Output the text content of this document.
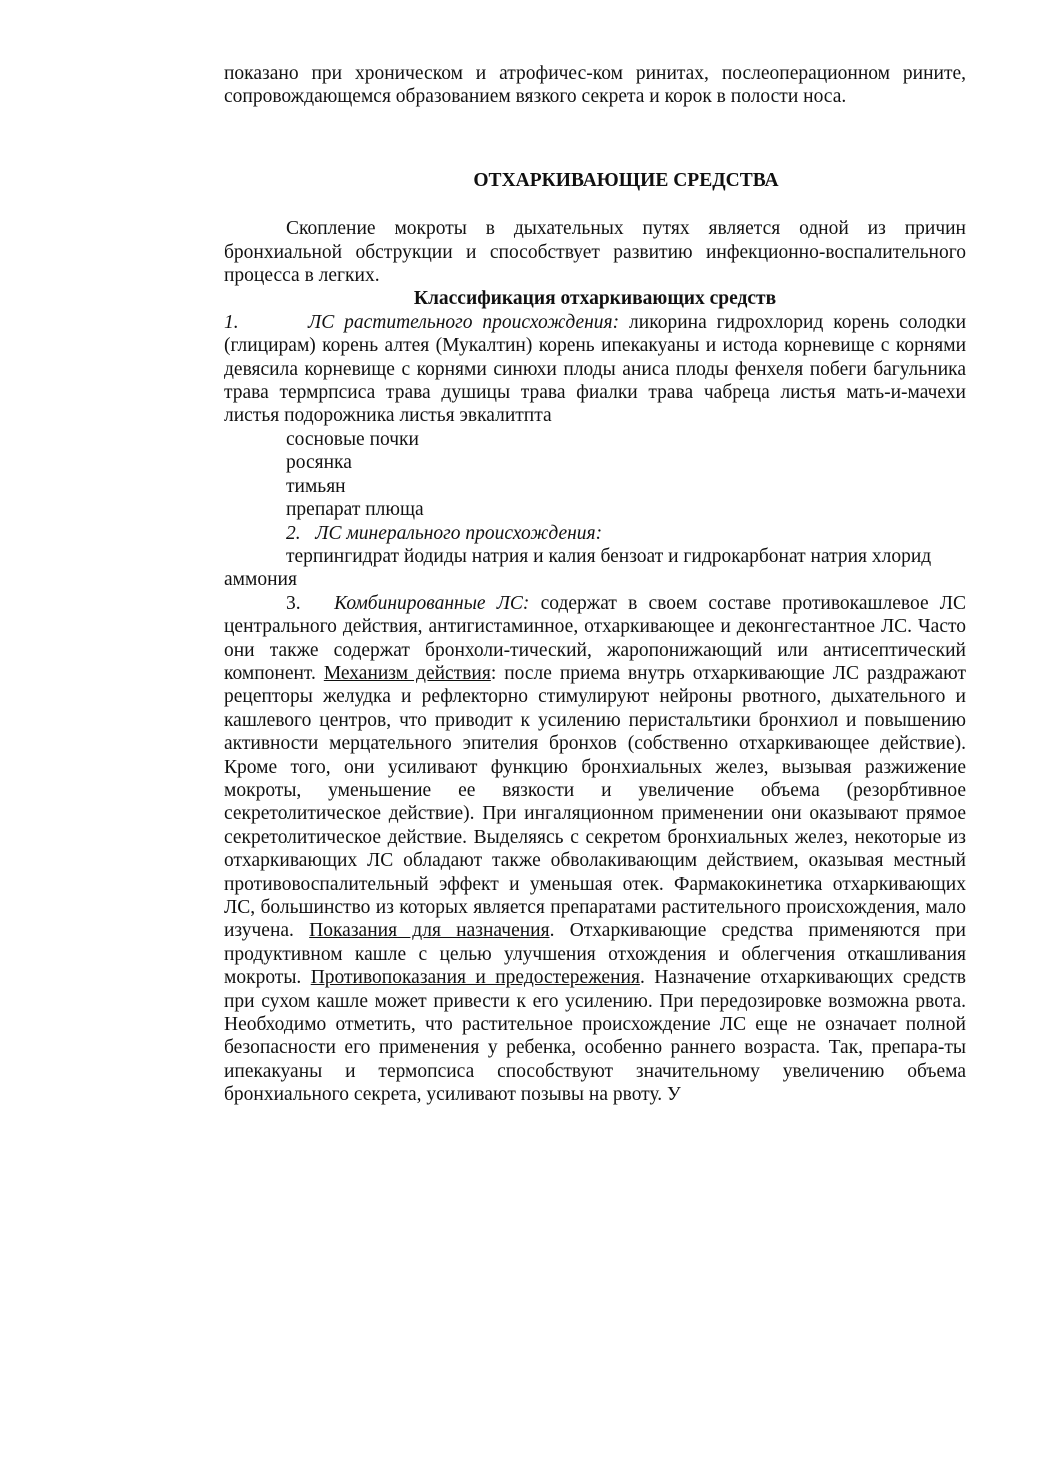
показано при хроническом и атрофичес-ком ринитах, послеоперационном рините, сопровождающемся образованием вязкого секрета и корок в полости носа.

ОТХАРКИВАЮЩИЕ СРЕДСТВА

Скопление мокроты в дыхательных путях является одной из причин бронхиальной обструкции и способствует развитию инфекционно-воспалительного процесса в легких.

Классификация отхаркивающих средств

1.	ЛС растительного происхождения: ликорина гидрохлорид корень солодки (глицирам) корень алтея (Мукалтин) корень ипекакуаны и истода корневище с корнями девясила корневище с корнями синюхи плоды аниса плоды фенхеля побеги багульника трава термрпсиса трава душицы трава фиалки трава чабреца листья мать-и-мачехи листья подорожника листья эвкалитпта

сосновые почки

росянка

тимьян

препарат плюща

2. ЛС минерального происхождения:

терпингидрат йодиды натрия и калия бензоат и гидрокарбонат натрия хлорид аммония

3. Комбинированные ЛС: содержат в своем составе противокашлевое ЛС центрального действия, антигистаминное, отхаркивающее и деконгестантное ЛС. Часто они также содержат бронхоли-тический, жаропонижающий или антисептический компонент. Механизм действия: после приема внутрь отхаркивающие ЛС раздражают рецепторы желудка и рефлекторно стимулируют нейроны рвотного, дыхательного и кашлевого центров, что приводит к усилению перистальтики бронхиол и повышению активности мерцательного эпителия бронхов (собственно отхаркивающее действие). Кроме того, они усиливают функцию бронхиальных желез, вызывая разжижение мокроты, уменьшение ее вязкости и увеличение объема (резорбтивное секретолитическое действие). При ингаляционном применении они оказывают прямое секретолитическое действие. Выделяясь с секретом бронхиальных желез, некоторые из отхаркивающих ЛС обладают также обволакивающим действием, оказывая местный противовоспалительный эффект и уменьшая отек. Фармакокинетика отхаркивающих ЛС, большинство из которых является препаратами растительного происхождения, мало изучена. Показания для назначения. Отхаркивающие средства применяются при продуктивном кашле с целью улучшения отхождения и облегчения откашливания мокроты. Противопоказания и предостережения. Назначение отхаркивающих средств при сухом кашле может привести к его усилению. При передозировке возможна рвота. Необходимо отметить, что растительное происхождение ЛС еще не означает полной безопасности его применения у ребенка, особенно раннего возраста. Так, препара-ты ипекакуаны и термопсиса способствуют значительному увеличению объема бронхиального секрета, усиливают позывы на рвоту. У
